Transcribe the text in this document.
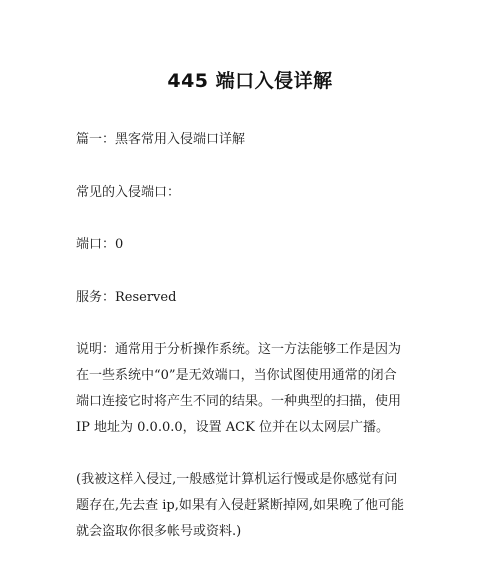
445 端口入侵详解
篇一：黑客常用入侵端口详解
常见的入侵端口：
端口：0
服务：Reserved
说明：通常用于分析操作系统。这一方法能够工作是因为
在一些系统中“0”是无效端口，当你试图使用通常的闭合
端口连接它时将产生不同的结果。一种典型的扫描，使用
IP 地址为 0.0.0.0，设置 ACK 位并在以太网层广播。
(我被这样入侵过,一般感觉计算机运行慢或是你感觉有问
题存在,先去查 ip,如果有入侵赶紧断掉网,如果晚了他可能
就会盗取你很多帐号或资料.)
